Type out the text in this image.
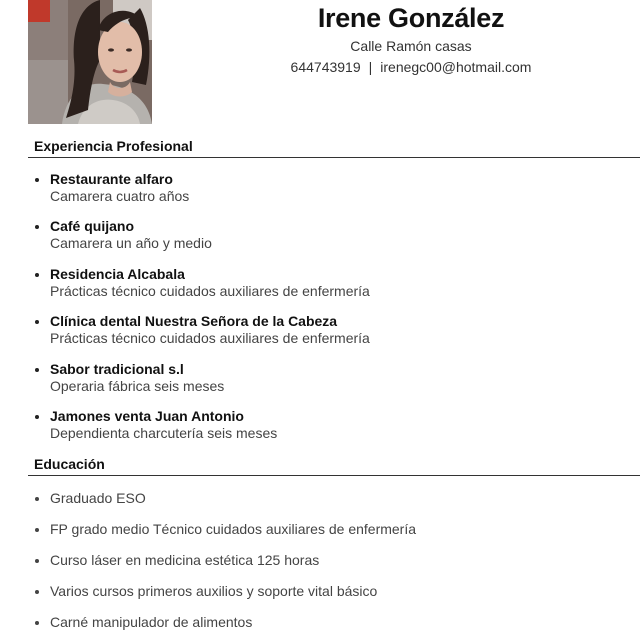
Irene González
Calle Ramón casas
644743919 | irenegc00@hotmail.com
Experiencia Profesional
Restaurante alfaro
Camarera cuatro años
Café quijano
Camarera un año y medio
Residencia Alcabala
Prácticas técnico cuidados auxiliares de enfermería
Clínica dental Nuestra Señora de la Cabeza
Prácticas técnico cuidados auxiliares de enfermería
Sabor tradicional s.l
Operaria fábrica seis meses
Jamones venta Juan Antonio
Dependienta charcutería seis meses
Educación
Graduado ESO
FP grado medio Técnico cuidados auxiliares de enfermería
Curso láser en medicina estética 125 horas
Varios cursos primeros auxilios y soporte vital básico
Carné manipulador de alimentos
